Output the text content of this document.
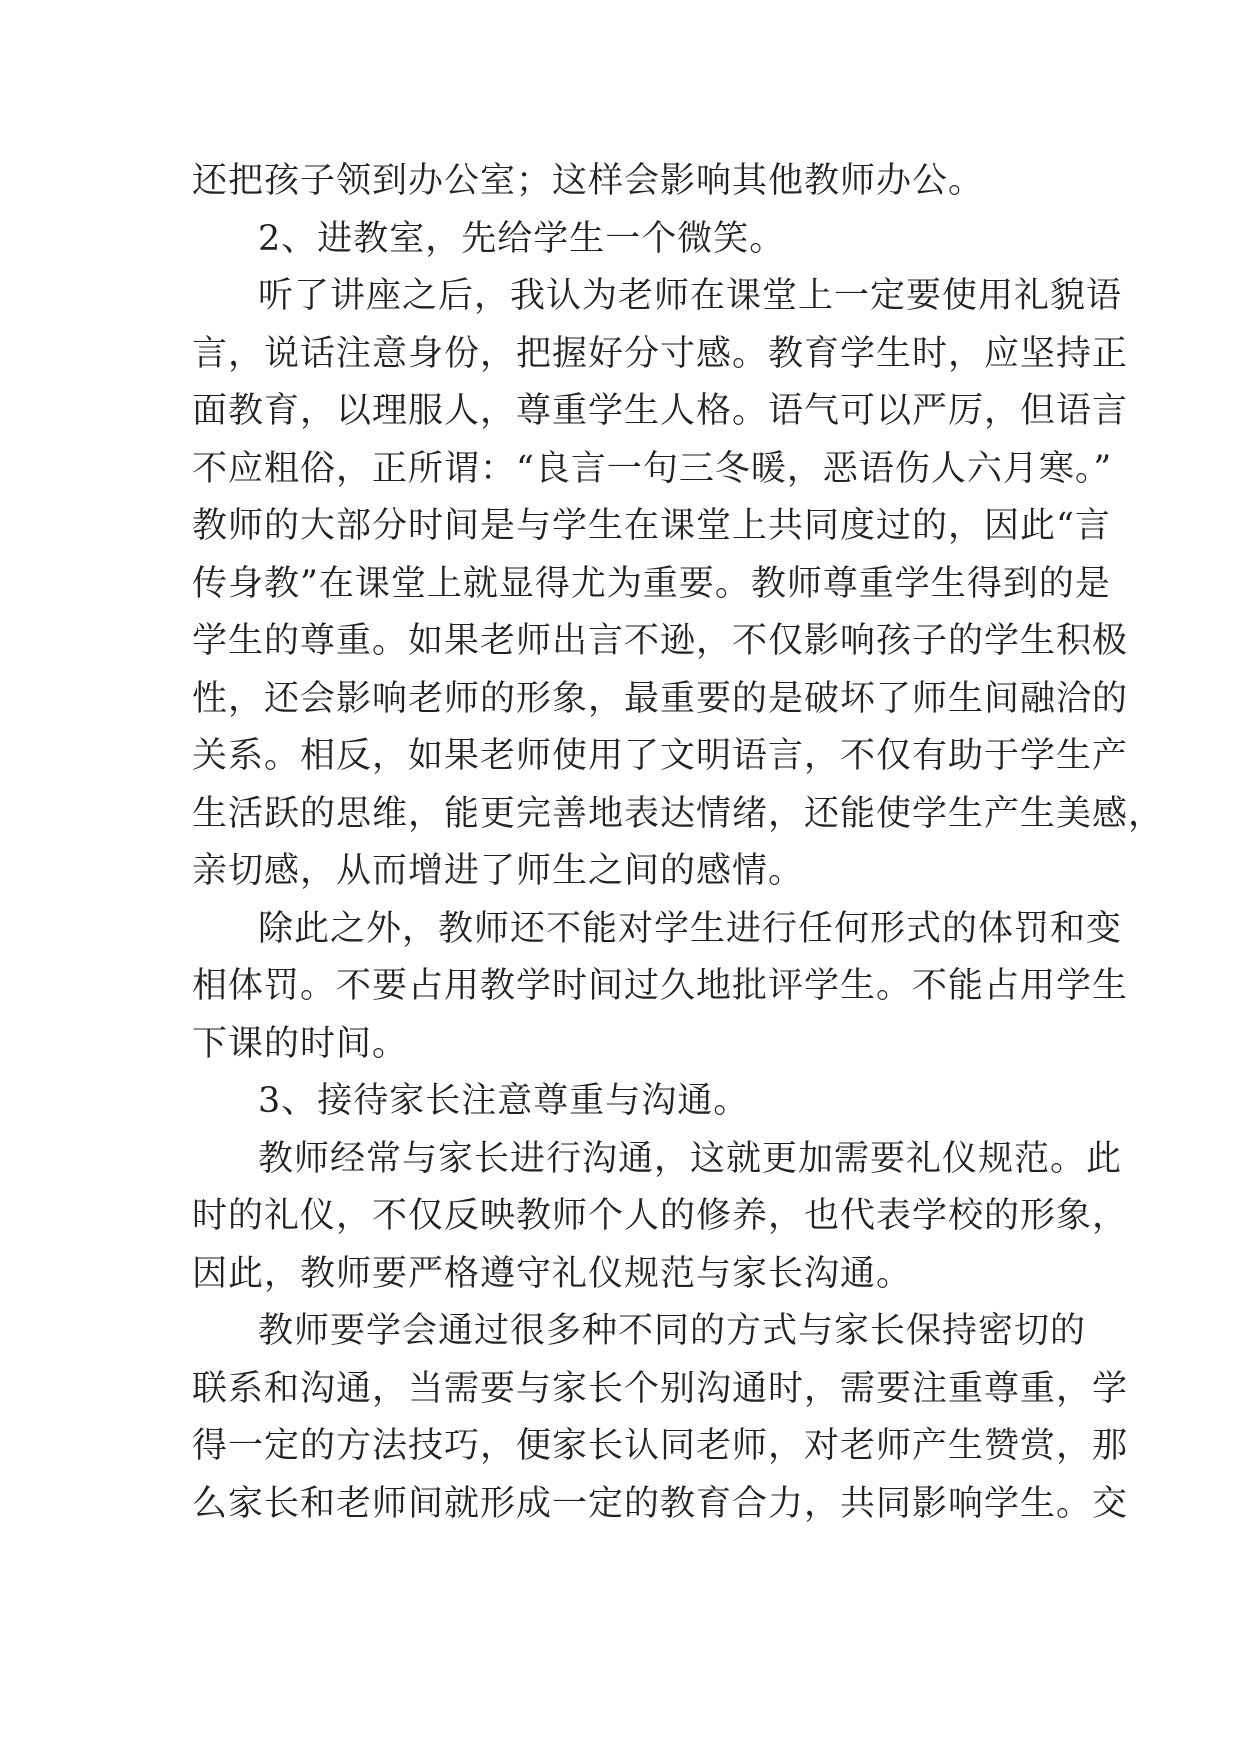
还把孩子领到办公室；这样会影响其他教师办公。
2、进教室，先给学生一个微笑。
听了讲座之后，我认为老师在课堂上一定要使用礼貌语
言，说话注意身份，把握好分寸感。教育学生时，应坚持正
面教育，以理服人，尊重学生人格。语气可以严厉，但语言
不应粗俗，正所谓：“良言一句三冬暖，恶语伤人六月寒。”
教师的大部分时间是与学生在课堂上共同度过的，因此“言
传身教”在课堂上就显得尤为重要。教师尊重学生得到的是
学生的尊重。如果老师出言不逊，不仅影响孩子的学生积极
性，还会影响老师的形象，最重要的是破坏了师生间融洽的
关系。相反，如果老师使用了文明语言，不仅有助于学生产
生活跃的思维，能更完善地表达情绪，还能使学生产生美感，
亲切感，从而增进了师生之间的感情。
除此之外，教师还不能对学生进行任何形式的体罚和变
相体罚。不要占用教学时间过久地批评学生。不能占用学生
下课的时间。
3、接待家长注意尊重与沟通。
教师经常与家长进行沟通，这就更加需要礼仪规范。此
时的礼仪，不仅反映教师个人的修养，也代表学校的形象，
因此，教师要严格遵守礼仪规范与家长沟通。
教师要学会通过很多种不同的方式与家长保持密切的
联系和沟通，当需要与家长个别沟通时，需要注重尊重，学
得一定的方法技巧，便家长认同老师，对老师产生赞赏，那
么家长和老师间就形成一定的教育合力，共同影响学生。交
